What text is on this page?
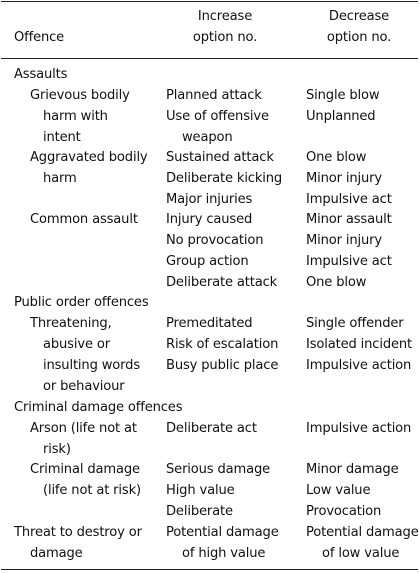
Offence
Increase
option no.
Decrease
option no.
Assaults
Grievous bodily
harm with
intent
Planned attack
Use of offensive
weapon
Single blow
Unplanned
Aggravated bodily
harm
Sustained attack
Deliberate kicking
Major injuries
One blow
Minor injury
Impulsive act
Common assault Injury caused
No provocation
Group action
Deliberate attack
Minor assault
Minor injury
Impulsive act
One blow
Public order offences
Threatening,
abusive or
insulting words
or behaviour
Premeditated
Risk of escalation
Busy public place
Single offender
Isolated incident
Impulsive action
Criminal damage offences
Arson (life not at
risk)
Deliberate act	Impulsive action
Criminal damage
(life not at risk)
Serious damage
High value
Deliberate
Minor damage
Low value
Provocation
Threat to destroy or
damage
Potential damage
of high value
Potential damage
of low value
